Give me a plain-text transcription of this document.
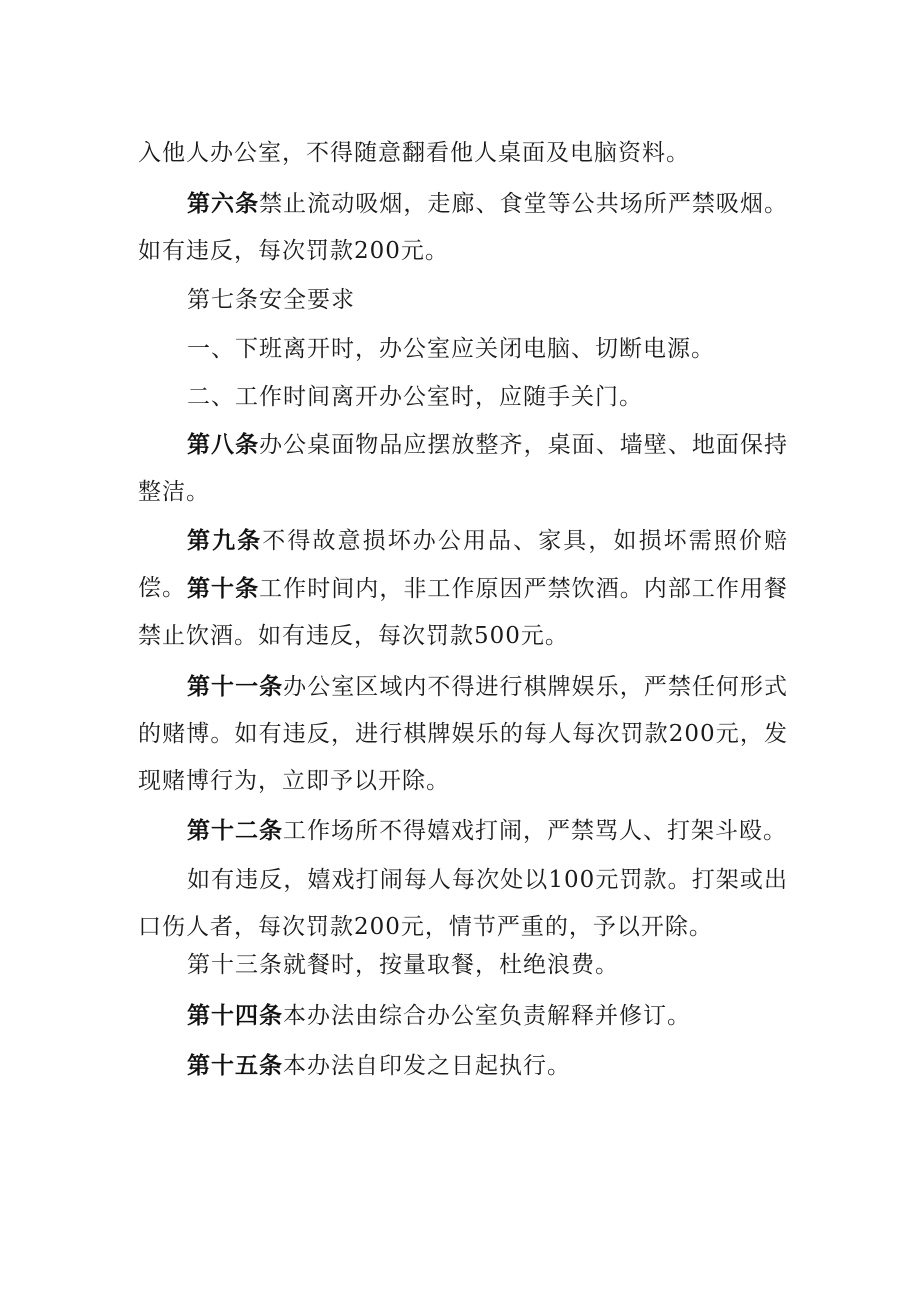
入他人办公室，不得随意翻看他人桌面及电脑资料。

第六条禁止流动吸烟，走廊、食堂等公共场所严禁吸烟。如有违反，每次罚款200元。

第七条安全要求

一、下班离开时，办公室应关闭电脑、切断电源。

二、工作时间离开办公室时，应随手关门。

第八条办公桌面物品应摆放整齐，桌面、墙壁、地面保持整洁。

第九条不得故意损坏办公用品、家具，如损坏需照价赔偿。 第十条工作时间内，非工作原因严禁饮酒。内部工作用餐禁止饮酒。如有违反，每次罚款500元。

第十一条办公室区域内不得进行棋牌娱乐，严禁任何形式的赌博。如有违反，进行棋牌娱乐的每人每次罚款200元，发现赌博行为，立即予以开除。

第十二条工作场所不得嬉戏打闹，严禁骂人、打架斗殴。

如有违反，嬉戏打闹每人每次处以100元罚款。打架或出口伤人者，每次罚款200元，情节严重的，予以开除。

第十三条就餐时，按量取餐，杜绝浪费。

第十四条本办法由综合办公室负责解释并修订。

第十五条本办法自印发之日起执行。
